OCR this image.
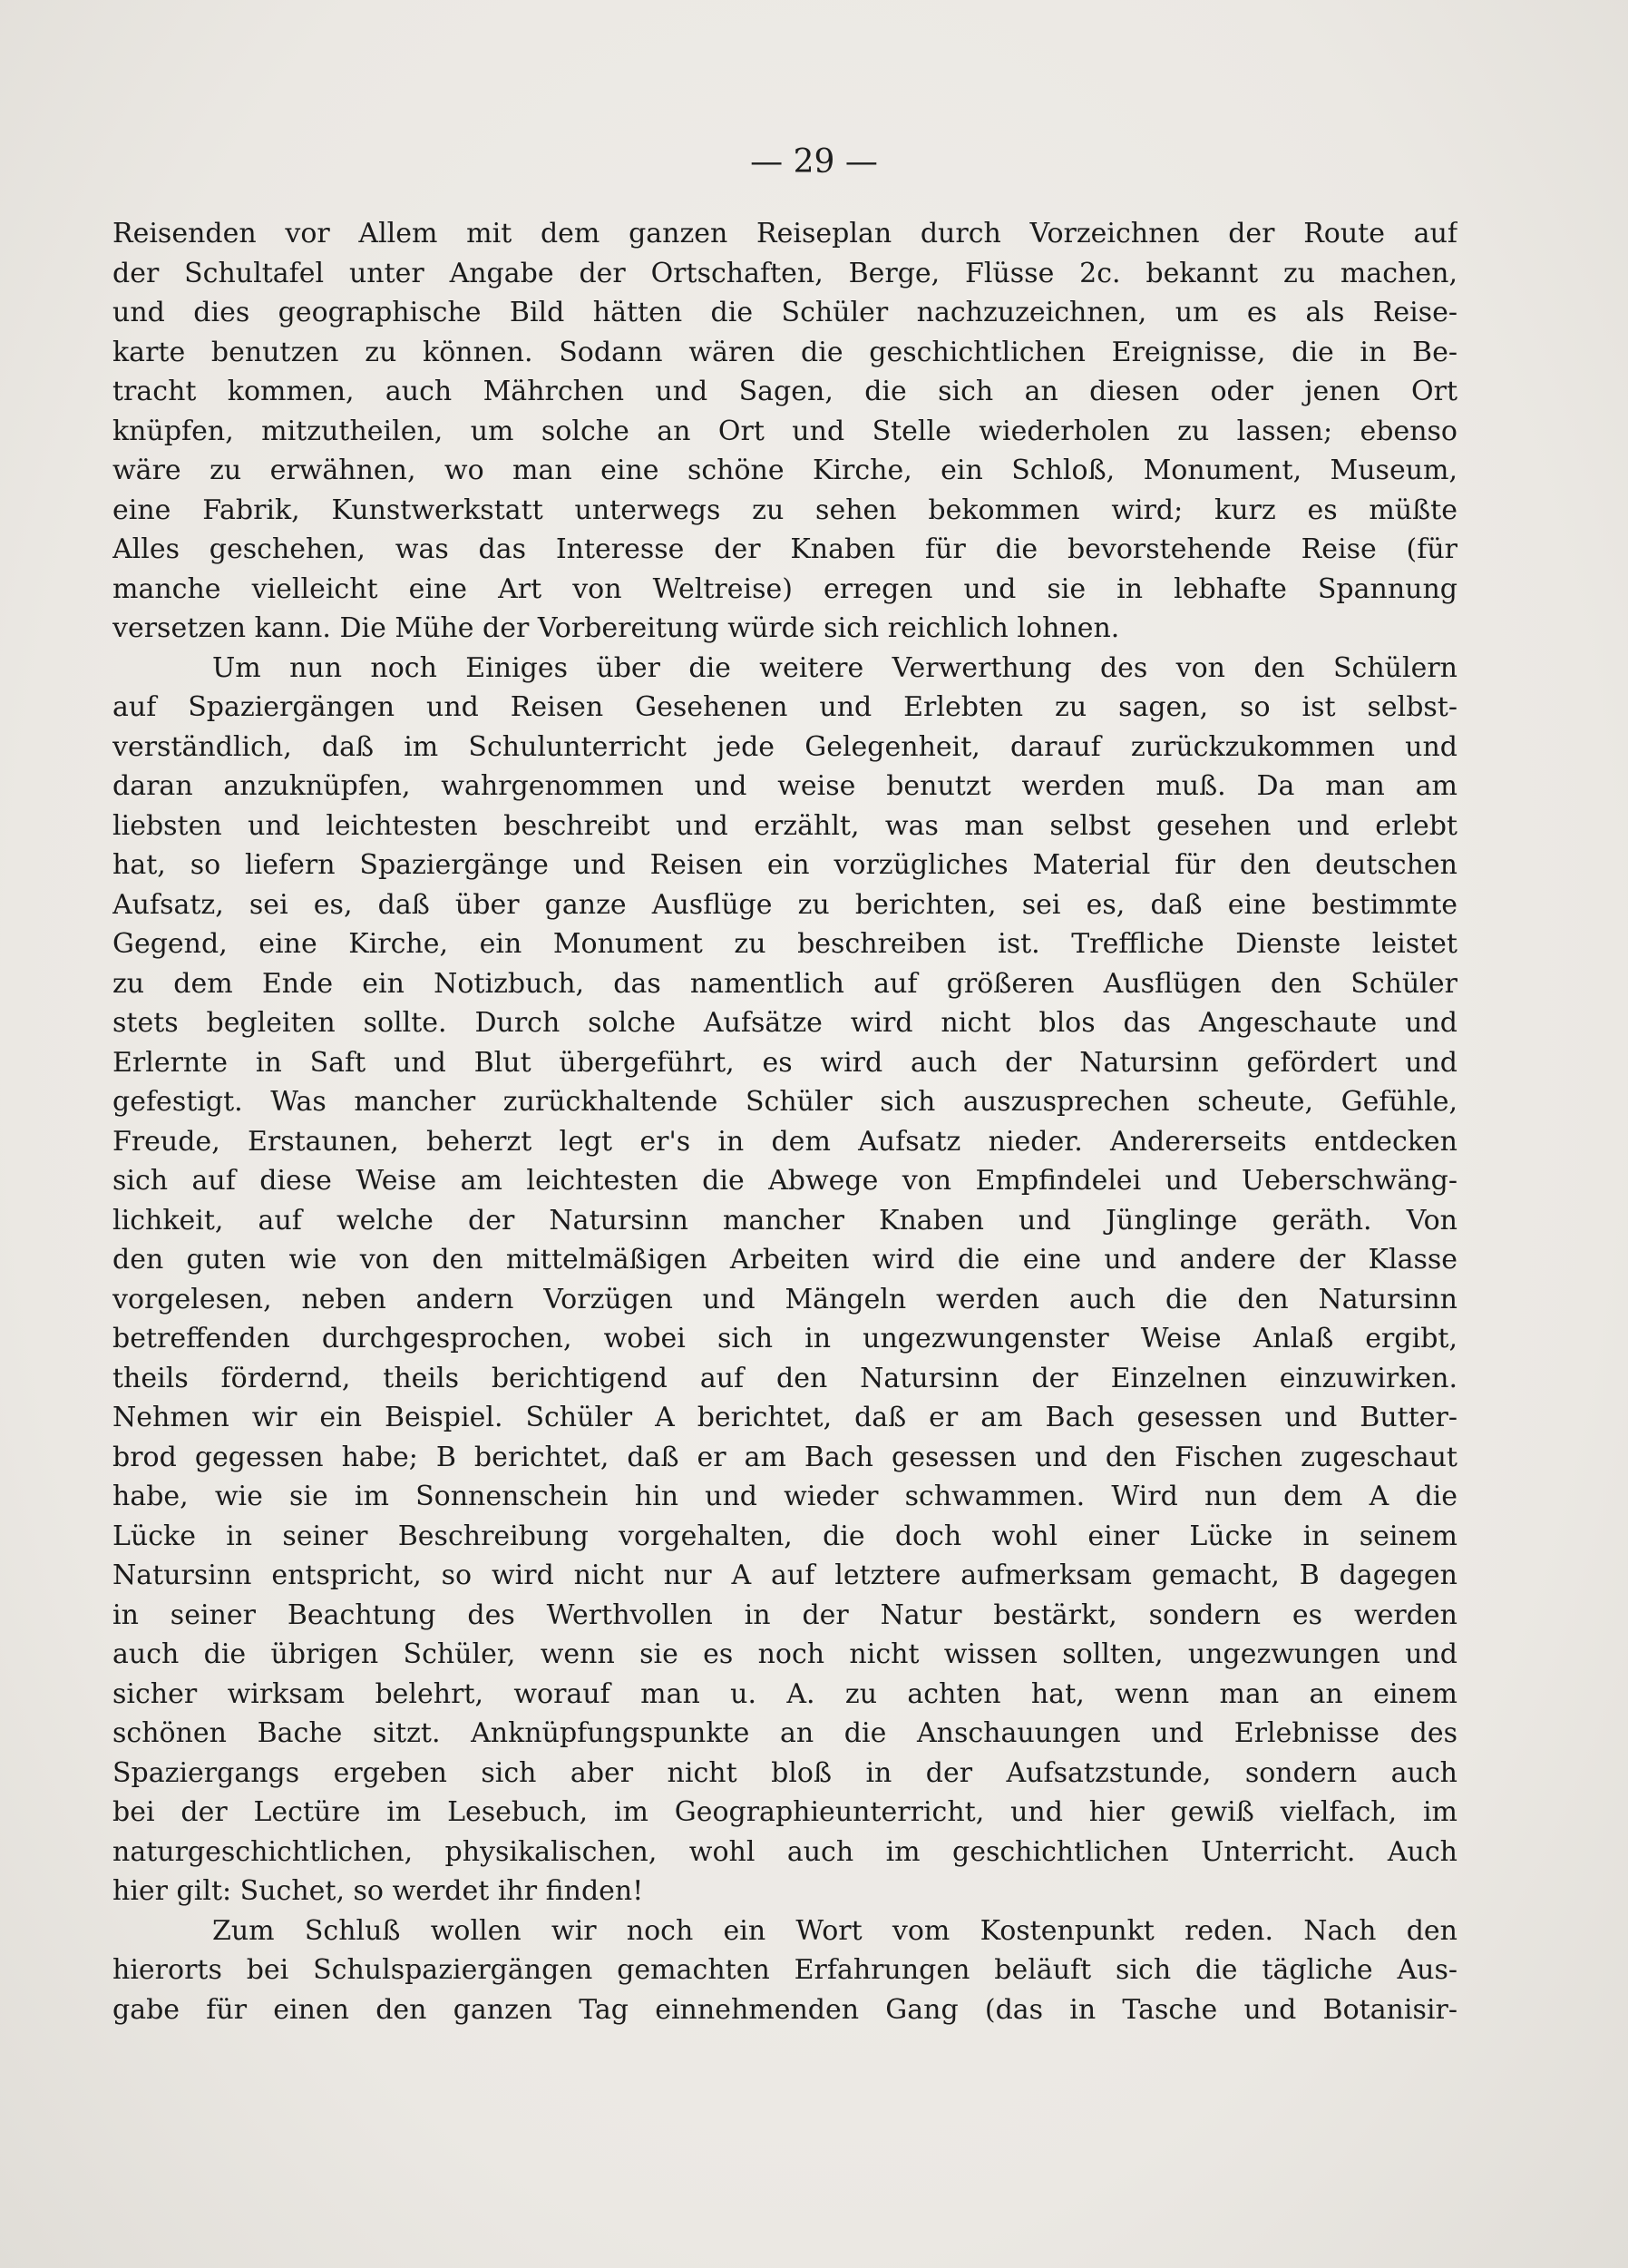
— 29 —
Reisenden vor Allem mit dem ganzen Reiseplan durch Vorzeichnen der Route auf
der Schultafel unter Angabe der Ortschaften, Berge, Flüsse 2c. bekannt zu machen,
und dies geographische Bild hätten die Schüler nachzuzeichnen, um es als Reise-
karte benutzen zu können. Sodann wären die geschichtlichen Ereignisse, die in Be-
tracht kommen, auch Mährchen und Sagen, die sich an diesen oder jenen Ort
knüpfen, mitzutheilen, um solche an Ort und Stelle wiederholen zu lassen; ebenso
wäre zu erwähnen, wo man eine schöne Kirche, ein Schloß, Monument, Museum,
eine Fabrik, Kunstwerkstatt unterwegs zu sehen bekommen wird; kurz es müßte
Alles geschehen, was das Interesse der Knaben für die bevorstehende Reise (für
manche vielleicht eine Art von Weltreise) erregen und sie in lebhafte Spannung
versetzen kann. Die Mühe der Vorbereitung würde sich reichlich lohnen.
Um nun noch Einiges über die weitere Verwerthung des von den Schülern
auf Spaziergängen und Reisen Gesehenen und Erlebten zu sagen, so ist selbst-
verständlich, daß im Schulunterricht jede Gelegenheit, darauf zurückzukommen und
daran anzuknüpfen, wahrgenommen und weise benutzt werden muß. Da man am
liebsten und leichtesten beschreibt und erzählt, was man selbst gesehen und erlebt
hat, so liefern Spaziergänge und Reisen ein vorzügliches Material für den deutschen
Aufsatz, sei es, daß über ganze Ausflüge zu berichten, sei es, daß eine bestimmte
Gegend, eine Kirche, ein Monument zu beschreiben ist. Treffliche Dienste leistet
zu dem Ende ein Notizbuch, das namentlich auf größeren Ausflügen den Schüler
stets begleiten sollte. Durch solche Aufsätze wird nicht blos das Angeschaute und
Erlernte in Saft und Blut übergeführt, es wird auch der Natursinn gefördert und
gefestigt. Was mancher zurückhaltende Schüler sich auszusprechen scheute, Gefühle,
Freude, Erstaunen, beherzt legt er's in dem Aufsatz nieder. Andererseits entdecken
sich auf diese Weise am leichtesten die Abwege von Empfindelei und Ueberschwäng-
lichkeit, auf welche der Natursinn mancher Knaben und Jünglinge geräth. Von
den guten wie von den mittelmäßigen Arbeiten wird die eine und andere der Klasse
vorgelesen, neben andern Vorzügen und Mängeln werden auch die den Natursinn
betreffenden durchgesprochen, wobei sich in ungezwungenster Weise Anlaß ergibt,
theils fördernd, theils berichtigend auf den Natursinn der Einzelnen einzuwirken.
Nehmen wir ein Beispiel. Schüler A berichtet, daß er am Bach gesessen und Butter-
brod gegessen habe; B berichtet, daß er am Bach gesessen und den Fischen zugeschaut
habe, wie sie im Sonnenschein hin und wieder schwammen. Wird nun dem A die
Lücke in seiner Beschreibung vorgehalten, die doch wohl einer Lücke in seinem
Natursinn entspricht, so wird nicht nur A auf letztere aufmerksam gemacht, B dagegen
in seiner Beachtung des Werthvollen in der Natur bestärkt, sondern es werden
auch die übrigen Schüler, wenn sie es noch nicht wissen sollten, ungezwungen und
sicher wirksam belehrt, worauf man u. A. zu achten hat, wenn man an einem
schönen Bache sitzt. Anknüpfungspunkte an die Anschauungen und Erlebnisse des
Spaziergangs ergeben sich aber nicht bloß in der Aufsatzstunde, sondern auch
bei der Lectüre im Lesebuch, im Geographieunterricht, und hier gewiß vielfach, im
naturgeschichtlichen, physikalischen, wohl auch im geschichtlichen Unterricht. Auch
hier gilt: Suchet, so werdet ihr finden!
Zum Schluß wollen wir noch ein Wort vom Kostenpunkt reden. Nach den
hierorts bei Schulspaziergängen gemachten Erfahrungen beläuft sich die tägliche Aus-
gabe für einen den ganzen Tag einnehmenden Gang (das in Tasche und Botanisir-
